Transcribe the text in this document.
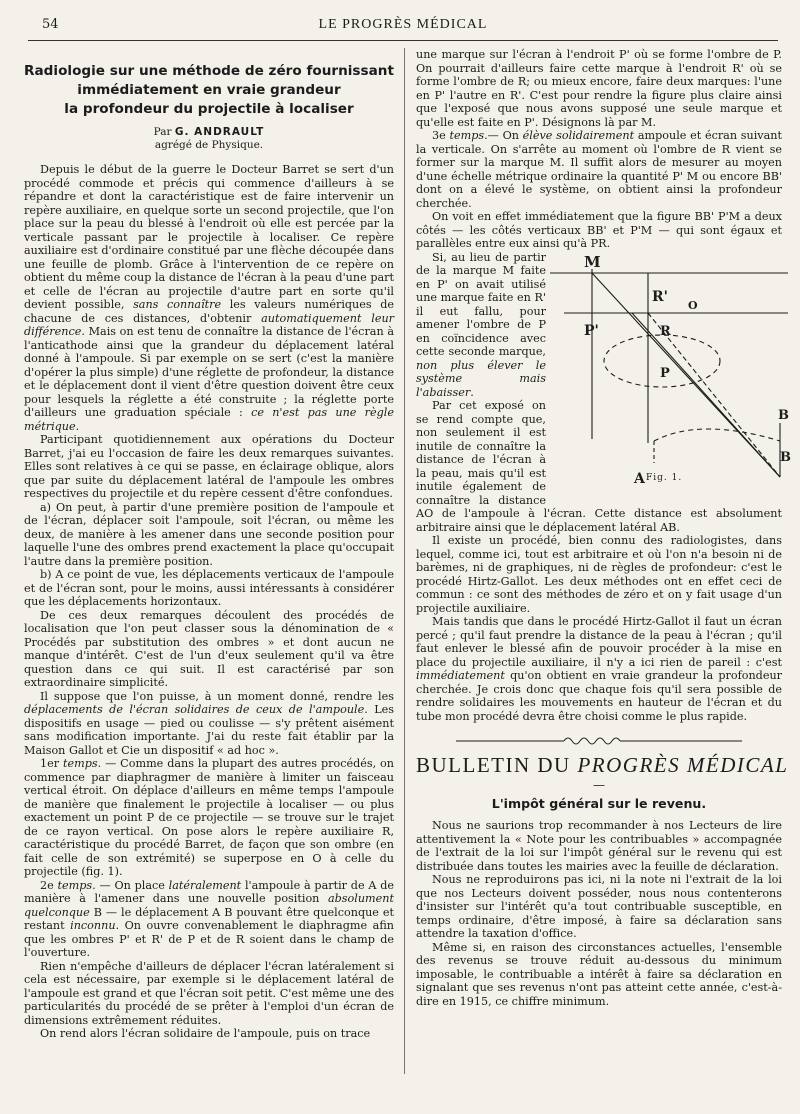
54	LE PROGRÈS MÉDICAL
Radiologie sur une méthode de zéro fournissant
immédiatement en vraie grandeur
la profondeur du projectile à localiser
Par G. ANDRAULT
agrégé de Physique.

Depuis le début de la guerre le Docteur Barret se sert d'un procédé commode et précis qui commence d'ailleurs à se répandre et dont la caractéristique est de faire intervenir un repère auxiliaire, en quelque sorte un second projectile, que l'on place sur la peau du blessé à l'endroit où elle est percée par la verticale passant par le projectile à localiser. Ce repère auxiliaire est d'ordinaire constitué par une flèche découpée dans une feuille de plomb. Grâce à l'intervention de ce repère on obtient du même coup la distance de l'écran à la peau d'une part et celle de l'écran au projectile d'autre part en sorte qu'il devient possible, sans connaître les valeurs numériques de chacune de ces distances, d'obtenir automatiquement leur différence. Mais on est tenu de connaître la distance de l'écran à l'anticathode ainsi que la grandeur du déplacement latéral donné à l'ampoule. Si par exemple on se sert (c'est la manière d'opérer la plus simple) d'une réglette de profondeur, la distance et le déplacement dont il vient d'être question doivent être ceux pour lesquels la réglette a été construite ; la réglette porte d'ailleurs une graduation spéciale : ce n'est pas une règle métrique.

Participant quotidiennement aux opérations du Docteur Barret, j'ai eu l'occasion de faire les deux remarques suivantes. Elles sont relatives à ce qui se passe, en éclairage oblique, alors que par suite du déplacement latéral de l'ampoule les ombres respectives du projectile et du repère cessent d'être confondues.

a) On peut, à partir d'une première position de l'ampoule et de l'écran, déplacer soit l'ampoule, soit l'écran, ou même les deux, de manière à les amener dans une seconde position pour laquelle l'une des ombres prend exactement la place qu'occupait l'autre dans la première position.

b) A ce point de vue, les déplacements verticaux de l'ampoule et de l'écran sont, pour le moins, aussi intéressants à considérer que les déplacements horizontaux.

De ces deux remarques découlent des procédés de localisation que l'on peut classer sous la dénomination de « Procédés par substitution des ombres » et dont aucun ne manque d'intérêt. C'est de l'un d'eux seulement qu'il va être question dans ce qui suit. Il est caractérisé par son extraordinaire simplicité.

Il suppose que l'on puisse, à un moment donné, rendre les déplacements de l'écran solidaires de ceux de l'ampoule. Les dispositifs en usage — pied ou coulisse — s'y prêtent aisément sans modification importante. J'ai du reste fait établir par la Maison Gallot et Cie un dispositif « ad hoc ».

1er temps. — Comme dans la plupart des autres procédés, on commence par diaphragmer de manière à limiter un faisceau vertical étroit. On déplace d'ailleurs en même temps l'ampoule de manière que finalement le projectile à localiser — ou plus exactement un point P de ce projectile — se trouve sur le trajet de ce rayon vertical. On pose alors le repère auxiliaire R, caractéristique du procédé Barret, de façon que son ombre (en fait celle de son extrémité) se superpose en O à celle du projectile (fig. 1).

2e temps. — On place latéralement l'ampoule à partir de A de manière à l'amener dans une nouvelle position absolument quelconque B — le déplacement A B pouvant être quelconque et restant inconnu. On ouvre convenablement le diaphragme afin que les ombres P' et R' de P et de R soient dans le champ de l'ouverture.

Rien n'empêche d'ailleurs de déplacer l'écran latéralement si cela est nécessaire, par exemple si le déplacement latéral de l'ampoule est grand et que l'écran soit petit. C'est même une des particularités du procédé de se prêter à l'emploi d'un écran de dimensions extrêmement réduites.

On rend alors l'écran solidaire de l'ampoule, puis on trace

une marque sur l'écran à l'endroit P' où se forme l'ombre de P. On pourrait d'ailleurs faire cette marque à l'endroit R' où se forme l'ombre de R; ou mieux encore, faire deux marques: l'une en P' l'autre en R'. C'est pour rendre la figure plus claire ainsi que l'exposé que nous avons supposé une seule marque et qu'elle est faite en P'. Désignons là par M.

3e temps.— On élève solidairement ampoule et écran suivant la verticale. On s'arrête au moment où l'ombre de R vient se former sur la marque M. Il suffit alors de mesurer au moyen d'une échelle métrique ordinaire la quantité P' M ou encore BB' dont on a élevé le système, on obtient ainsi la profondeur cherchée.

On voit en effet immédiatement que la figure BB' P'M a deux côtés — les côtés verticaux BB' et P'M — qui sont égaux et parallèles entre eux ainsi qu'à PR.

M
R'
O
P'	R
P
B
B
A Fig. 1.

Si, au lieu de partir de la marque M faite en P' on avait utilisé une marque faite en R' il eut fallu, pour amener l'ombre de P en coïncidence avec cette seconde marque, non plus élever le système mais l'abaisser.

Par cet exposé on se rend compte que, non seulement il est inutile de connaître la distance de l'écran à la peau, mais qu'il est inutile également de connaître la distance AO de l'ampoule à l'écran. Cette distance est absolument arbitraire ainsi que le déplacement latéral AB.

Il existe un procédé, bien connu des radiologistes, dans lequel, comme ici, tout est arbitraire et où l'on n'a besoin ni de barèmes, ni de graphiques, ni de règles de profondeur: c'est le procédé Hirtz-Gallot. Les deux méthodes ont en effet ceci de commun : ce sont des méthodes de zéro et on y fait usage d'un projectile auxiliaire.

Mais tandis que dans le procédé Hirtz-Gallot il faut un écran percé ; qu'il faut prendre la distance de la peau à l'écran ; qu'il faut enlever le blessé afin de pouvoir procéder à la mise en place du projectile auxiliaire, il n'y a ici rien de pareil : c'est immédiatement qu'on obtient en vraie grandeur la profondeur cherchée. Je crois donc que chaque fois qu'il sera possible de rendre solidaires les mouvements en hauteur de l'écran et du tube mon procédé devra être choisi comme le plus rapide.

BULLETIN DU PROGRÈS MÉDICAL
—
L'impôt général sur le revenu.

Nous ne saurions trop recommander à nos Lecteurs de lire attentivement la « Note pour les contribuables » accompagnée de l'extrait de la loi sur l'impôt général sur le revenu qui est distribuée dans toutes les mairies avec la feuille de déclaration.

Nous ne reproduirons pas ici, ni la note ni l'extrait de la loi que nos Lecteurs doivent posséder, nous nous contenterons d'insister sur l'intérêt qu'a tout contribuable susceptible, en temps ordinaire, d'être imposé, à faire sa déclaration sans attendre la taxation d'office.

Même si, en raison des circonstances actuelles, l'ensemble des revenus se trouve réduit au-dessous du minimum imposable, le contribuable a intérêt à faire sa déclaration en signalant que ses revenus n'ont pas atteint cette année, c'est-à-dire en 1915, ce chiffre minimum.
